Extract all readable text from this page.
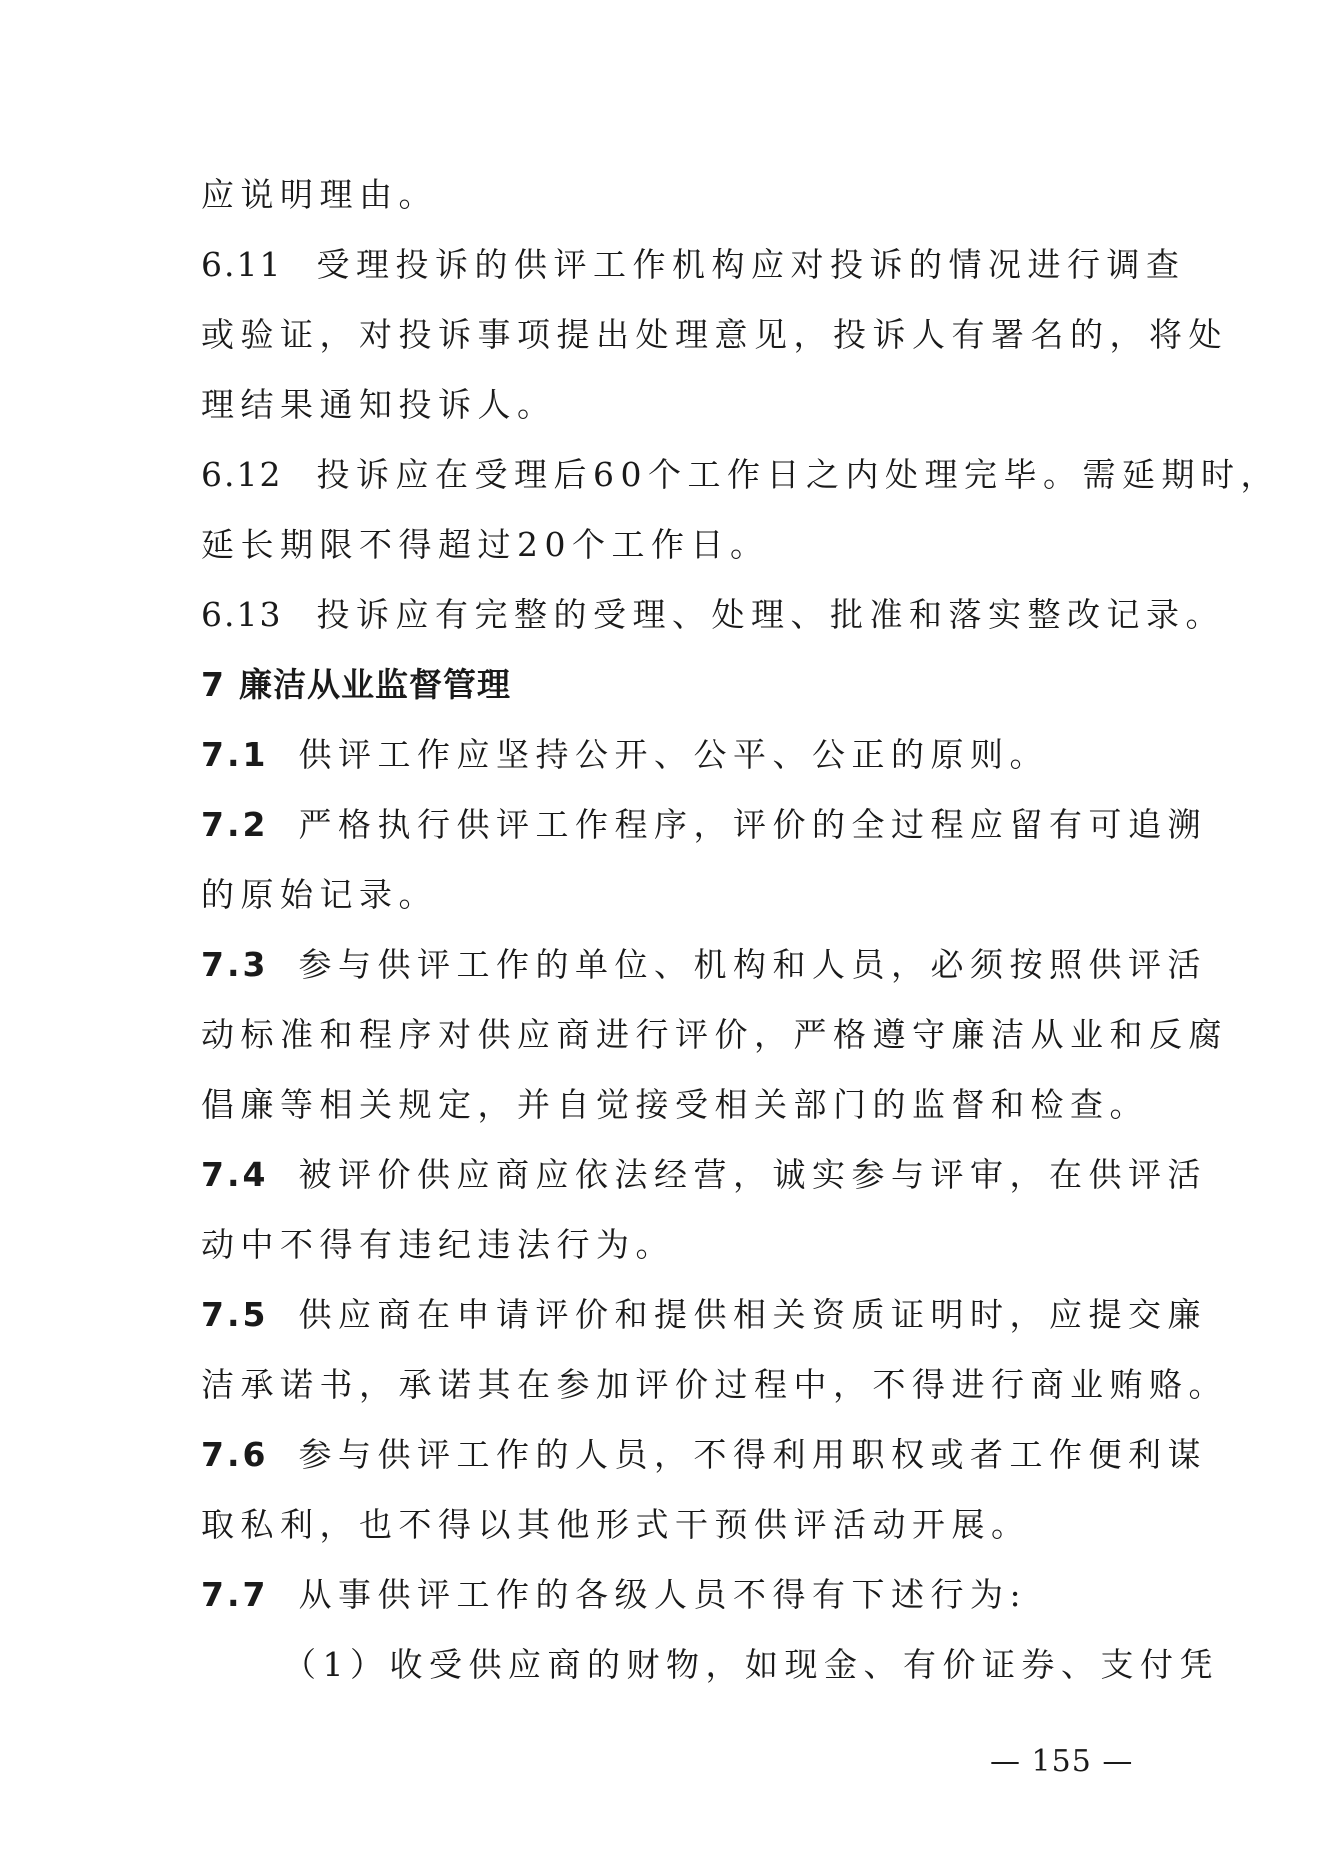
应说明理由。
6.11 受理投诉的供评工作机构应对投诉的情况进行调查
或验证，对投诉事项提出处理意见，投诉人有署名的，将处
理结果通知投诉人。
6.12 投诉应在受理后60个工作日之内处理完毕。需延期时，
延长期限不得超过20个工作日。
6.13 投诉应有完整的受理、处理、批准和落实整改记录。
7 廉洁从业监督管理
7.1 供评工作应坚持公开、公平、公正的原则。
7.2 严格执行供评工作程序，评价的全过程应留有可追溯
的原始记录。
7.3 参与供评工作的单位、机构和人员，必须按照供评活
动标准和程序对供应商进行评价，严格遵守廉洁从业和反腐
倡廉等相关规定，并自觉接受相关部门的监督和检查。
7.4 被评价供应商应依法经营，诚实参与评审，在供评活
动中不得有违纪违法行为。
7.5 供应商在申请评价和提供相关资质证明时，应提交廉
洁承诺书，承诺其在参加评价过程中，不得进行商业贿赂。
7.6 参与供评工作的人员，不得利用职权或者工作便利谋
取私利，也不得以其他形式干预供评活动开展。
7.7 从事供评工作的各级人员不得有下述行为:
（1）收受供应商的财物，如现金、有价证券、支付凭
— 155 —
